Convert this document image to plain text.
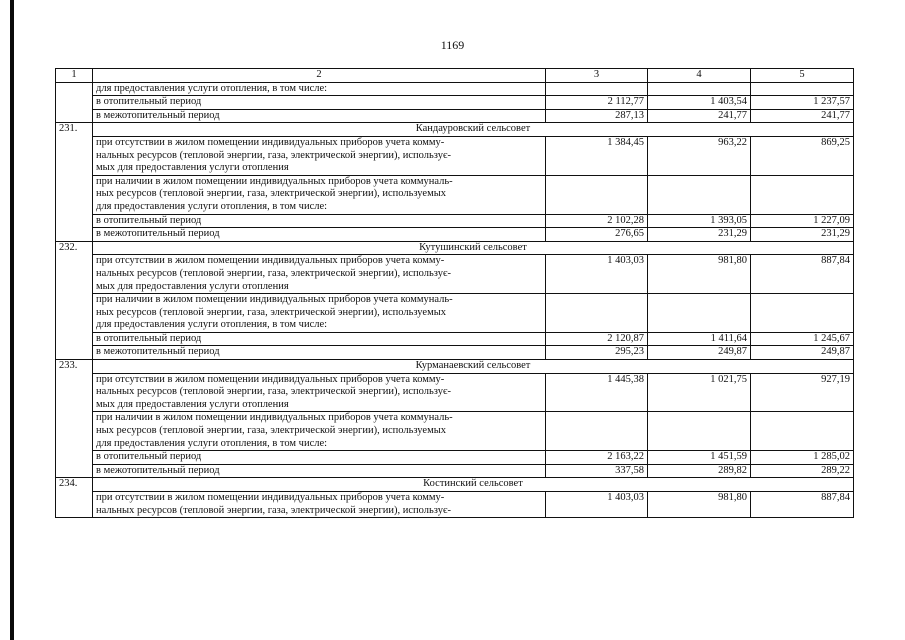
1169
1	2	3	4	5

	для предоставления услуги отопления, в том числе:			

	в отопительный период	2 112,77	1 403,54	1 237,57
	в межотопительный период	287,13	241,77	241,77
231.	Кандауровский сельсовет			

	при отсутствии в жилом помещении индивидуальных приборов учета комму-
нальных ресурсов (тепловой энергии, газа, электрической энергии), использує-
мых для предоставления услуги отопления	1 384,45	963,22	869,25

	при наличии в жилом помещении индивидуальных приборов учета коммуналь-
ных ресурсов (тепловой энергии, газа, электрической энергии), используемых
для предоставления услуги отопления, в том числе:			

	в отопительный период	2 102,28	1 393,05	1 227,09
	в межотопительный период	276,65	231,29	231,29
232.	Кутушинский сельсовет			

	при отсутствии в жилом помещении индивидуальных приборов учета комму-
нальных ресурсов (тепловой энергии, газа, электрической энергии), использує-
мых для предоставления услуги отопления	1 403,03	981,80	887,84

	при наличии в жилом помещении индивидуальных приборов учета коммуналь-
ных ресурсов (тепловой энергии, газа, электрической энергии), используемых
для предоставления услуги отопления, в том числе:			

	в отопительный период	2 120,87	1 411,64	1 245,67
	в межотопительный период	295,23	249,87	249,87
233.	Курманаевский сельсовет			

	при отсутствии в жилом помещении индивидуальных приборов учета комму-
нальных ресурсов (тепловой энергии, газа, электрической энергии), использує-
мых для предоставления услуги отопления	1 445,38	1 021,75	927,19

	при наличии в жилом помещении индивидуальных приборов учета коммуналь-
ных ресурсов (тепловой энергии, газа, электрической энергии), используемых
для предоставления услуги отопления, в том числе:			

	в отопительный период	2 163,22	1 451,59	1 285,02
	в межотопительный период	337,58	289,82	289,22
234.	Костинский сельсовет			

	при отсутствии в жилом помещении индивидуальных приборов учета комму-
нальных ресурсов (тепловой энергии, газа, электрической энергии), использує-	1 403,03	981,80	887,84
